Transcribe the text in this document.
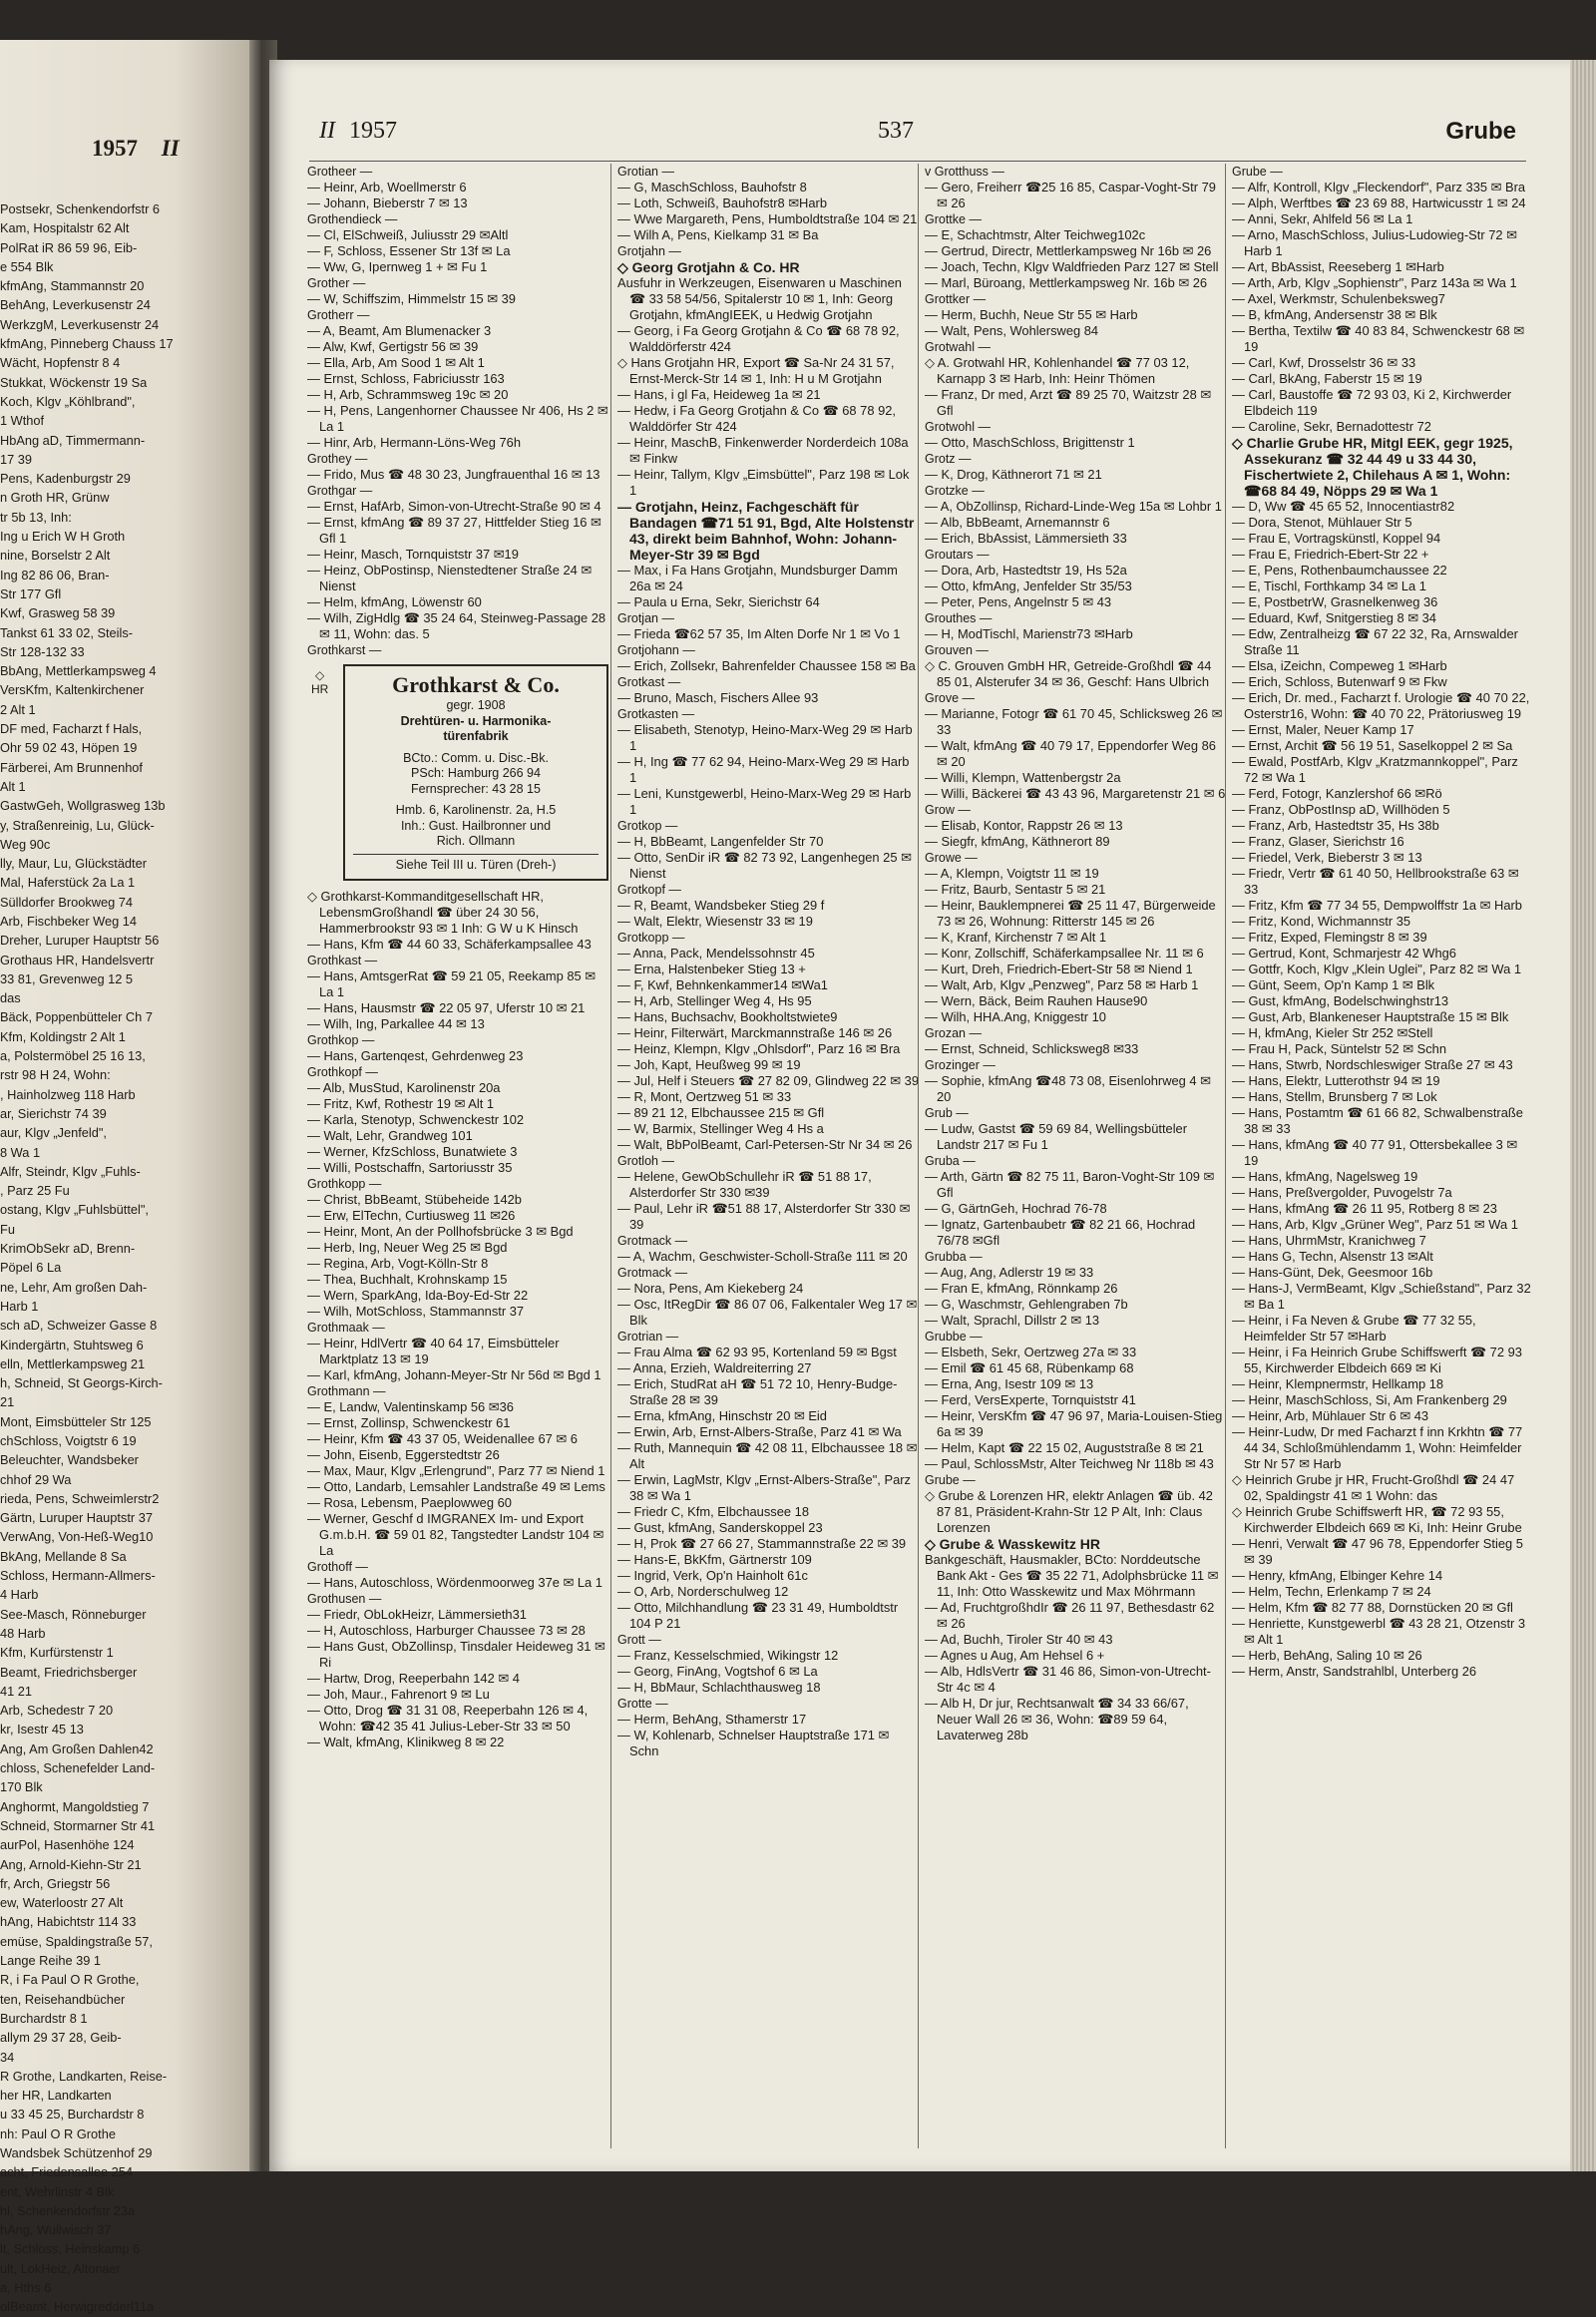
1957 II
Postsekr, Schenkendorfstr 6
Kam, Hospitalstr 62 Alt
PolRat iR 86 59 96, Eib-
e 554 Blk
kfmAng, Stammannstr 20
BehAng, Leverkusenstr 24
WerkzgM, Leverkusenstr 24
kfmAng, Pinneberg Chauss 17
Wächt, Hopfenstr 8 4
Stukkat, Wöckenstr 19 Sa
Koch, Klgv „Köhlbrand",
1 Wthof
HbAng aD, Timmermann-
17 39
Pens, Kadenburgstr 29
n Groth HR, Grünw
tr 5b 13, Inh:
Ing u Erich W H Groth
nine, Borselstr 2 Alt
Ing 82 86 06, Bran-
Str 177 Gfl
Kwf, Grasweg 58 39
Tankst 61 33 02, Steils-
Str 128-132 33
BbAng, Mettlerkampsweg 4
VersKfm, Kaltenkirchener
2 Alt 1
DF med, Facharzt f Hals,
Ohr 59 02 43, Höpen 19
Färberei, Am Brunnenhof
Alt 1
GastwGeh, Wollgrasweg 13b
y, Straßenreinig, Lu, Glück-
Weg 90c
lly, Maur, Lu, Glückstädter
Mal, Haferstück 2a La 1
Sülldorfer Brookweg 74
Arb, Fischbeker Weg 14
Dreher, Luruper Hauptstr 56
Grothaus HR, Handelsvertr
33 81, Grevenweg 12 5
das
Bäck, Poppenbütteler Ch 7
Kfm, Koldingstr 2 Alt 1
a, Polstermöbel 25 16 13,
rstr 98 H 24, Wohn:
, Hainholzweg 118 Harb
ar, Sierichstr 74 39
aur, Klgv „Jenfeld",
8 Wa 1
Alfr, Steindr, Klgv „Fuhls-
, Parz 25 Fu
ostang, Klgv „Fuhlsbüttel",
Fu
KrimObSekr aD, Brenn-
Pöpel 6 La
ne, Lehr, Am großen Dah-
Harb 1
sch aD, Schweizer Gasse 8
Kindergärtn, Stuhtsweg 6
elln, Mettlerkampsweg 21
h, Schneid, St Georgs-Kirch-
21
Mont, Eimsbütteler Str 125
chSchloss, Voigtstr 6 19
Beleuchter, Wandsbeker
chhof 29 Wa
rieda, Pens, Schweimlerstr2
Gärtn, Luruper Hauptstr 37
VerwAng, Von-Heß-Weg10
BkAng, Mellande 8 Sa
Schloss, Hermann-Allmers-
4 Harb
See-Masch, Rönneburger
48 Harb
Kfm, Kurfürstenstr 1
Beamt, Friedrichsberger
41 21
Arb, Schedestr 7 20
kr, Isestr 45 13
Ang, Am Großen Dahlen42
chloss, Schenefelder Land-
170 Blk
Anghormt, Mangoldstieg 7
Schneid, Stormarner Str 41
aurPol, Hasenhöhe 124
Ang, Arnold-Kiehn-Str 21
fr, Arch, Griegstr 56
ew, Waterloostr 27 Alt
hAng, Habichtstr 114 33
emüse, Spaldingstraße 57,
Lange Reihe 39 1
R, i Fa Paul O R Grothe,
ten, Reisehandbücher
Burchardstr 8 1
allym 29 37 28, Geib-
34
R Grothe, Landkarten, Reise-
her HR, Landkarten
u 33 45 25, Burchardstr 8
nh: Paul O R Grothe
Wandsbek Schützenhof 29
acht, Friedensallee 254
ent, Wehrlinstr 4 Blk
hl, Schenkendorfstr 23a
hAng, Wullwisch 37
lt, Schloss, Heinskamp 6
ult, LokHeiz, Altonaer
a, Hths 6
olBeamt, Herwigredderl11a
II 1957	537	Grube
Grotheer —
— Heinr, Arb, Woellmerstr 6
— Johann, Bieberstr 7 ✉ 13
Grothendieck —
— Cl, ElSchweiß, Juliusstr 29 ✉Altl
— F, Schloss, Essener Str 13f ✉ La
— Ww, G, Ipernweg 1 + ✉ Fu 1
Grother —
— W, Schiffszim, Himmelstr 15 ✉ 39
Grotherr —
— A, Beamt, Am Blumenacker 3
— Alw, Kwf, Gertigstr 56 ✉ 39
— Ella, Arb, Am Sood 1 ✉ Alt 1
— Ernst, Schloss, Fabriciusstr 163
— H, Arb, Schrammsweg 19c ✉ 20
— H, Pens, Langenhorner Chaussee Nr 406, Hs 2 ✉ La 1
— Hinr, Arb, Hermann-Löns-Weg 76h
Grothey —
— Frido, Mus ☎ 48 30 23, Jungfrauenthal 16 ✉ 13
Grothgar —
— Ernst, HafArb, Simon-von-Utrecht-Straße 90 ✉ 4
— Ernst, kfmAng ☎ 89 37 27, Hittfelder Stieg 16 ✉ Gfl 1
— Heinr, Masch, Tornquiststr 37 ✉19
— Heinz, ObPostinsp, Nienstedtener Straße 24 ✉ Nienst
— Helm, kfmAng, Löwenstr 60
— Wilh, ZigHdlg ☎ 35 24 64, Steinweg-Passage 28 ✉ 11, Wohn: das. 5
Grothkarst —
◇
HR	Grothkarst & Co.
gegr. 1908
Drehtüren- u. Harmonika-
türenfabrik
BCto.: Comm. u. Disc.-Bk.
PSch: Hamburg 266 94
Fernsprecher: 43 28 15
Hmb. 6, Karolinenstr. 2a, H.5
Inh.: Gust. Hailbronner und
Rich. Ollmann
Siehe Teil III u. Türen (Dreh-)
◇ Grothkarst-Kommanditgesellschaft HR, LebensmGroßhandl ☎ über 24 30 56, Hammerbrookstr 93 ✉ 1 Inh: G W u K Hinsch
— Hans, Kfm ☎ 44 60 33, Schäferkampsallee 43
Grothkast —
— Hans, AmtsgerRat ☎ 59 21 05, Reekamp 85 ✉ La 1
— Hans, Hausmstr ☎ 22 05 97, Uferstr 10 ✉ 21
— Wilh, Ing, Parkallee 44 ✉ 13
Grothkop —
— Hans, Gartenqest, Gehrdenweg 23
Grothkopf —
— Alb, MusStud, Karolinenstr 20a
— Fritz, Kwf, Rothestr 19 ✉ Alt 1
— Karla, Stenotyp, Schwenckestr 102
— Walt, Lehr, Grandweg 101
— Werner, KfzSchloss, Bunatwiete 3
— Willi, Postschaffn, Sartoriusstr 35
Grothkopp —
— Christ, BbBeamt, Stübeheide 142b
— Erw, ElTechn, Curtiusweg 11 ✉26
— Heinr, Mont, An der Pollhofsbrücke 3 ✉ Bgd
— Herb, Ing, Neuer Weg 25 ✉ Bgd
— Regina, Arb, Vogt-Kölln-Str 8
— Thea, Buchhalt, Krohnskamp 15
— Wern, SparkAng, Ida-Boy-Ed-Str 22
— Wilh, MotSchloss, Stammannstr 37
Grothmaak —
— Heinr, HdlVertr ☎ 40 64 17, Eimsbütteler Marktplatz 13 ✉ 19
— Karl, kfmAng, Johann-Meyer-Str Nr 56d ✉ Bgd 1
Grothmann —
— E, Landw, Valentinskamp 56 ✉36
— Ernst, Zollinsp, Schwenckestr 61
— Heinr, Kfm ☎ 43 37 05, Weidenallee 67 ✉ 6
— John, Eisenb, Eggerstedtstr 26
— Max, Maur, Klgv „Erlengrund", Parz 77 ✉ Niend 1
— Otto, Landarb, Lemsahler Landstraße 49 ✉ Lems
— Rosa, Lebensm, Paeplowweg 60
— Werner, Geschf d IMGRANEX Im- und Export G.m.b.H. ☎ 59 01 82, Tangstedter Landstr 104 ✉ La
Grothoff —
— Hans, Autoschloss, Wördenmoorweg 37e ✉ La 1
Grothusen —
— Friedr, ObLokHeizr, Lämmersieth31
— H, Autoschloss, Harburger Chaussee 73 ✉ 28
— Hans Gust, ObZollinsp, Tinsdaler Heideweg 31 ✉ Ri
— Hartw, Drog, Reeperbahn 142 ✉ 4
— Joh, Maur., Fahrenort 9 ✉ Lu
— Otto, Drog ☎ 31 31 08, Reeperbahn 126 ✉ 4, Wohn: ☎42 35 41 Julius-Leber-Str 33 ✉ 50
— Walt, kfmAng, Klinikweg 8 ✉ 22
Grotian —
— G, MaschSchloss, Bauhofstr 8
— Loth, Schweiß, Bauhofstr8 ✉Harb
— Wwe Margareth, Pens, Humboldtstraße 104 ✉ 21
— Wilh A, Pens, Kielkamp 31 ✉ Ba
Grotjahn —
◇ Georg Grotjahn & Co. HR
Ausfuhr in Werkzeugen, Eisenwaren u Maschinen ☎ 33 58 54/56, Spitalerstr 10 ✉ 1, Inh: Georg Grotjahn, kfmAngIEEK, u Hedwig Grotjahn
— Georg, i Fa Georg Grotjahn & Co ☎ 68 78 92, Walddörferstr 424
◇ Hans Grotjahn HR, Export ☎ Sa-Nr 24 31 57, Ernst-Merck-Str 14 ✉ 1, Inh: H u M Grotjahn
— Hans, i gl Fa, Heideweg 1a ✉ 21
— Hedw, i Fa Georg Grotjahn & Co ☎ 68 78 92, Walddörfer Str 424
— Heinr, MaschB, Finkenwerder Norderdeich 108a ✉ Finkw
— Heinr, Tallym, Klgv „Eimsbüttel", Parz 198 ✉ Lok 1
— Grotjahn, Heinz, Fachgeschäft für Bandagen ☎71 51 91, Bgd, Alte Holstenstr 43, direkt beim Bahnhof, Wohn: Johann-Meyer-Str 39 ✉ Bgd
— Max, i Fa Hans Grotjahn, Mundsburger Damm 26a ✉ 24
— Paula u Erna, Sekr, Sierichstr 64
Grotjan —
— Frieda ☎62 57 35, Im Alten Dorfe Nr 1 ✉ Vo 1
Grotjohann —
— Erich, Zollsekr, Bahrenfelder Chaussee 158 ✉ Ba
Grotkast —
— Bruno, Masch, Fischers Allee 93
Grotkasten —
— Elisabeth, Stenotyp, Heino-Marx-Weg 29 ✉ Harb 1
— H, Ing ☎ 77 62 94, Heino-Marx-Weg 29 ✉ Harb 1
— Leni, Kunstgewerbl, Heino-Marx-Weg 29 ✉ Harb 1
Grotkop —
— H, BbBeamt, Langenfelder Str 70
— Otto, SenDir iR ☎ 82 73 92, Langenhegen 25 ✉ Nienst
Grotkopf —
— R, Beamt, Wandsbeker Stieg 29 f
— Walt, Elektr, Wiesenstr 33 ✉ 19
Grotkopp —
— Anna, Pack, Mendelssohnstr 45
— Erna, Halstenbeker Stieg 13 +
— F, Kwf, Behnkenkammer14 ✉Wa1
— H, Arb, Stellinger Weg 4, Hs 95
— Hans, Buchsachv, Bookholtstwiete9
— Heinr, Filterwärt, Marckmannstraße 146 ✉ 26
— Heinz, Klempn, Klgv „Ohlsdorf", Parz 16 ✉ Bra
— Joh, Kapt, Heußweg 99 ✉ 19
— Jul, Helf i Steuers ☎ 27 82 09, Glindweg 22 ✉ 39
— R, Mont, Oertzweg 51 ✉ 33
— 89 21 12, Elbchaussee 215 ✉ Gfl
— W, Barmix, Stellinger Weg 4 Hs a
— Walt, BbPolBeamt, Carl-Petersen-Str Nr 34 ✉ 26
Grotloh —
— Helene, GewObSchullehr iR ☎ 51 88 17, Alsterdorfer Str 330 ✉39
— Paul, Lehr iR ☎51 88 17, Alsterdorfer Str 330 ✉ 39
Grotmack —
— A, Wachm, Geschwister-Scholl-Straße 111 ✉ 20
Grotmack —
— Nora, Pens, Am Kiekeberg 24
— Osc, ItRegDir ☎ 86 07 06, Falkentaler Weg 17 ✉ Blk
Grotrian —
— Frau Alma ☎ 62 93 95, Kortenland 59 ✉ Bgst
— Anna, Erzieh, Waldreiterring 27
— Erich, StudRat aH ☎ 51 72 10, Henry-Budge-Straße 28 ✉ 39
— Erna, kfmAng, Hinschstr 20 ✉ Eid
— Erwin, Arb, Ernst-Albers-Straße, Parz 41 ✉ Wa
— Ruth, Mannequin ☎ 42 08 11, Elbchaussee 18 ✉ Alt
— Erwin, LagMstr, Klgv „Ernst-Albers-Straße", Parz 38 ✉ Wa 1
— Friedr C, Kfm, Elbchaussee 18
— Gust, kfmAng, Sanderskoppel 23
— H, Prok ☎ 27 66 27, Stammannstraße 22 ✉ 39
— Hans-E, BkKfm, Gärtnerstr 109
— Ingrid, Verk, Op'n Hainholt 61c
— O, Arb, Norderschulweg 12
— Otto, Milchhandlung ☎ 23 31 49, Humboldtstr 104 P 21
Grott —
— Franz, Kesselschmied, Wikingstr 12
— Georg, FinAng, Vogtshof 6 ✉ La
— H, BbMaur, Schlachthausweg 18
Grotte —
— Herm, BehAng, Sthamerstr 17
— W, Kohlenarb, Schnelser Hauptstraße 171 ✉ Schn
v Grotthuss —
— Gero, Freiherr ☎25 16 85, Caspar-Voght-Str 79 ✉ 26
Grottke —
— E, Schachtmstr, Alter Teichweg102c
— Gertrud, Directr, Mettlerkampsweg Nr 16b ✉ 26
— Joach, Techn, Klgv Waldfrieden Parz 127 ✉ Stell
— Marl, Büroang, Mettlerkampsweg Nr. 16b ✉ 26
Grottker —
— Herm, Buchh, Neue Str 55 ✉ Harb
— Walt, Pens, Wohlersweg 84
Grotwahl —
◇ A. Grotwahl HR, Kohlenhandel ☎ 77 03 12, Karnapp 3 ✉ Harb, Inh: Heinr Thömen
— Franz, Dr med, Arzt ☎ 89 25 70, Waitzstr 28 ✉ Gfl
Grotwohl —
— Otto, MaschSchloss, Brigittenstr 1
Grotz —
— K, Drog, Käthnerort 71 ✉ 21
Grotzke —
— A, ObZollinsp, Richard-Linde-Weg 15a ✉ Lohbr 1
— Alb, BbBeamt, Arnemannstr 6
— Erich, BbAssist, Lämmersieth 33
Groutars —
— Dora, Arb, Hastedtstr 19, Hs 52a
— Otto, kfmAng, Jenfelder Str 35/53
— Peter, Pens, Angelnstr 5 ✉ 43
Grouthes —
— H, ModTischl, Marienstr73 ✉Harb
Grouven —
◇ C. Grouven GmbH HR, Getreide-Großhdl ☎ 44 85 01, Alsterufer 34 ✉ 36, Geschf: Hans Ulbrich
Grove —
— Marianne, Fotogr ☎ 61 70 45, Schlicksweg 26 ✉ 33
— Walt, kfmAng ☎ 40 79 17, Eppendorfer Weg 86 ✉ 20
— Willi, Klempn, Wattenbergstr 2a
— Willi, Bäckerei ☎ 43 43 96, Margaretenstr 21 ✉ 6
Grow —
— Elisab, Kontor, Rappstr 26 ✉ 13
— Siegfr, kfmAng, Käthnerort 89
Growe —
— A, Klempn, Voigtstr 11 ✉ 19
— Fritz, Baurb, Sentastr 5 ✉ 21
— Heinr, Bauklempnerei ☎ 25 11 47, Bürgerweide 73 ✉ 26, Wohnung: Ritterstr 145 ✉ 26
— K, Kranf, Kirchenstr 7 ✉ Alt 1
— Konr, Zollschiff, Schäferkampsallee Nr. 11 ✉ 6
— Kurt, Dreh, Friedrich-Ebert-Str 58 ✉ Niend 1
— Walt, Arb, Klgv „Penzweg", Parz 58 ✉ Harb 1
— Wern, Bäck, Beim Rauhen Hause90
— Wilh, HHA.Ang, Kniggestr 10
Grozan —
— Ernst, Schneid, Schlicksweg8 ✉33
Grozinger —
— Sophie, kfmAng ☎48 73 08, Eisenlohrweg 4 ✉ 20
Grub —
— Ludw, Gastst ☎ 59 69 84, Wellingsbütteler Landstr 217 ✉ Fu 1
Gruba —
— Arth, Gärtn ☎ 82 75 11, Baron-Voght-Str 109 ✉ Gfl
— G, GärtnGeh, Hochrad 76-78
— Ignatz, Gartenbaubetr ☎ 82 21 66, Hochrad 76/78 ✉Gfl
Grubba —
— Aug, Ang, Adlerstr 19 ✉ 33
— Fran E, kfmAng, Rönnkamp 26
— G, Waschmstr, Gehlengraben 7b
— Walt, Sprachl, Dillstr 2 ✉ 13
Grubbe —
— Elsbeth, Sekr, Oertzweg 27a ✉ 33
— Emil ☎ 61 45 68, Rübenkamp 68
— Erna, Ang, Isestr 109 ✉ 13
— Ferd, VersExperte, Tornquiststr 41
— Heinr, VersKfm ☎ 47 96 97, Maria-Louisen-Stieg 6a ✉ 39
— Helm, Kapt ☎ 22 15 02, Auguststraße 8 ✉ 21
— Paul, SchlossMstr, Alter Teichweg Nr 118b ✉ 43
Grube —
◇ Grube & Lorenzen HR, elektr Anlagen ☎ üb. 42 87 81, Präsident-Krahn-Str 12 P Alt, Inh: Claus Lorenzen
◇ Grube & Wasskewitz HR
Bankgeschäft, Hausmakler, BCto: Norddeutsche Bank Akt - Ges ☎ 35 22 71, Adolphsbrücke 11 ✉ 11, Inh: Otto Wasskewitz und Max Möhrmann
— Ad, FruchtgroßhdIr ☎ 26 11 97, Bethesdastr 62 ✉ 26
— Ad, Buchh, Tiroler Str 40 ✉ 43
— Agnes u Aug, Am Hehsel 6 +
— Alb, HdlsVertr ☎ 31 46 86, Simon-von-Utrecht-Str 4c ✉ 4
— Alb H, Dr jur, Rechtsanwalt ☎ 34 33 66/67, Neuer Wall 26 ✉ 36, Wohn: ☎89 59 64, Lavaterweg 28b
Grube —
— Alfr, Kontroll, Klgv „Fleckendorf", Parz 335 ✉ Bra
— Alph, Werftbes ☎ 23 69 88, Hartwicusstr 1 ✉ 24
— Anni, Sekr, Ahlfeld 56 ✉ La 1
— Arno, MaschSchloss, Julius-Ludowieg-Str 72 ✉ Harb 1
— Art, BbAssist, Reeseberg 1 ✉Harb
— Arth, Arb, Klgv „Sophienstr", Parz 143a ✉ Wa 1
— Axel, Werkmstr, Schulenbeksweg7
— B, kfmAng, Andersenstr 38 ✉ Blk
— Bertha, Textilw ☎ 40 83 84, Schwenckestr 68 ✉ 19
— Carl, Kwf, Drosselstr 36 ✉ 33
— Carl, BkAng, Faberstr 15 ✉ 19
— Carl, Baustoffe ☎ 72 93 03, Ki 2, Kirchwerder Elbdeich 119
— Caroline, Sekr, Bernadottestr 72
◇ Charlie Grube HR, Mitgl EEK, gegr 1925, Assekuranz ☎ 32 44 49 u 33 44 30, Fischertwiete 2, Chilehaus A ✉ 1, Wohn: ☎68 84 49, Nöpps 29 ✉ Wa 1
— D, Ww ☎ 45 65 52, Innocentiastr82
— Dora, Stenot, Mühlauer Str 5
— Frau E, Vortragskünstl, Koppel 94
— Frau E, Friedrich-Ebert-Str 22 +
— E, Pens, Rothenbaumchaussee 22
— E, Tischl, Forthkamp 34 ✉ La 1
— E, PostbetrW, Grasnelkenweg 36
— Eduard, Kwf, Snitgerstieg 8 ✉ 34
— Edw, Zentralheizg ☎ 67 22 32, Ra, Arnswalder Straße 11
— Elsa, iZeichn, Compeweg 1 ✉Harb
— Erich, Schloss, Butenwarf 9 ✉ Fkw
— Erich, Dr. med., Facharzt f. Urologie ☎ 40 70 22, Osterstr16, Wohn: ☎ 40 70 22, Prätoriusweg 19
— Ernst, Maler, Neuer Kamp 17
— Ernst, Archit ☎ 56 19 51, Saselkoppel 2 ✉ Sa
— Ewald, PostfArb, Klgv „Kratzmannkoppel", Parz 72 ✉ Wa 1
— Ferd, Fotogr, Kanzlershof 66 ✉Rö
— Franz, ObPostInsp aD, Willhöden 5
— Franz, Arb, Hastedtstr 35, Hs 38b
— Franz, Glaser, Sierichstr 16
— Friedel, Verk, Bieberstr 3 ✉ 13
— Friedr, Vertr ☎ 61 40 50, Hellbrookstraße 63 ✉ 33
— Fritz, Kfm ☎ 77 34 55, Dempwolffstr 1a ✉ Harb
— Fritz, Kond, Wichmannstr 35
— Fritz, Exped, Flemingstr 8 ✉ 39
— Gertrud, Kont, Schmarjestr 42 Whg6
— Gottfr, Koch, Klgv „Klein Uglei", Parz 82 ✉ Wa 1
— Günt, Seem, Op'n Kamp 1 ✉ Blk
— Gust, kfmAng, Bodelschwinghstr13
— Gust, Arb, Blankeneser Hauptstraße 15 ✉ Blk
— H, kfmAng, Kieler Str 252 ✉Stell
— Frau H, Pack, Süntelstr 52 ✉ Schn
— Hans, Stwrb, Nordschleswiger Straße 27 ✉ 43
— Hans, Elektr, Lutterothstr 94 ✉ 19
— Hans, Stellm, Brunsberg 7 ✉ Lok
— Hans, Postamtm ☎ 61 66 82, Schwalbenstraße 38 ✉ 33
— Hans, kfmAng ☎ 40 77 91, Ottersbekallee 3 ✉ 19
— Hans, kfmAng, Nagelsweg 19
— Hans, Preßvergolder, Puvogelstr 7a
— Hans, kfmAng ☎ 26 11 95, Rotberg 8 ✉ 23
— Hans, Arb, Klgv „Grüner Weg", Parz 51 ✉ Wa 1
— Hans, UhrmMstr, Kranichweg 7
— Hans G, Techn, Alsenstr 13 ✉Alt
— Hans-Günt, Dek, Geesmoor 16b
— Hans-J, VermBeamt, Klgv „Schießstand", Parz 32 ✉ Ba 1
— Heinr, i Fa Neven & Grube ☎ 77 32 55, Heimfelder Str 57 ✉Harb
— Heinr, i Fa Heinrich Grube Schiffswerft ☎ 72 93 55, Kirchwerder Elbdeich 669 ✉ Ki
— Heinr, Klempnermstr, Hellkamp 18
— Heinr, MaschSchloss, Si, Am Frankenberg 29
— Heinr, Arb, Mühlauer Str 6 ✉ 43
— Heinr-Ludw, Dr med Facharzt f inn Krkhtn ☎ 77 44 34, Schloßmühlendamm 1, Wohn: Heimfelder Str Nr 57 ✉ Harb
◇ Heinrich Grube jr HR, Frucht-Großhdl ☎ 24 47 02, Spaldingstr 41 ✉ 1 Wohn: das
◇ Heinrich Grube Schiffswerft HR, ☎ 72 93 55, Kirchwerder Elbdeich 669 ✉ Ki, Inh: Heinr Grube
— Henri, Verwalt ☎ 47 96 78, Eppendorfer Stieg 5 ✉ 39
— Henry, kfmAng, Elbinger Kehre 14
— Helm, Techn, Erlenkamp 7 ✉ 24
— Helm, Kfm ☎ 82 77 88, Dornstücken 20 ✉ Gfl
— Henriette, Kunstgewerbl ☎ 43 28 21, Otzenstr 3 ✉ Alt 1
— Herb, BehAng, Saling 10 ✉ 26
— Herm, Anstr, Sandstrahlbl, Unterberg 26
